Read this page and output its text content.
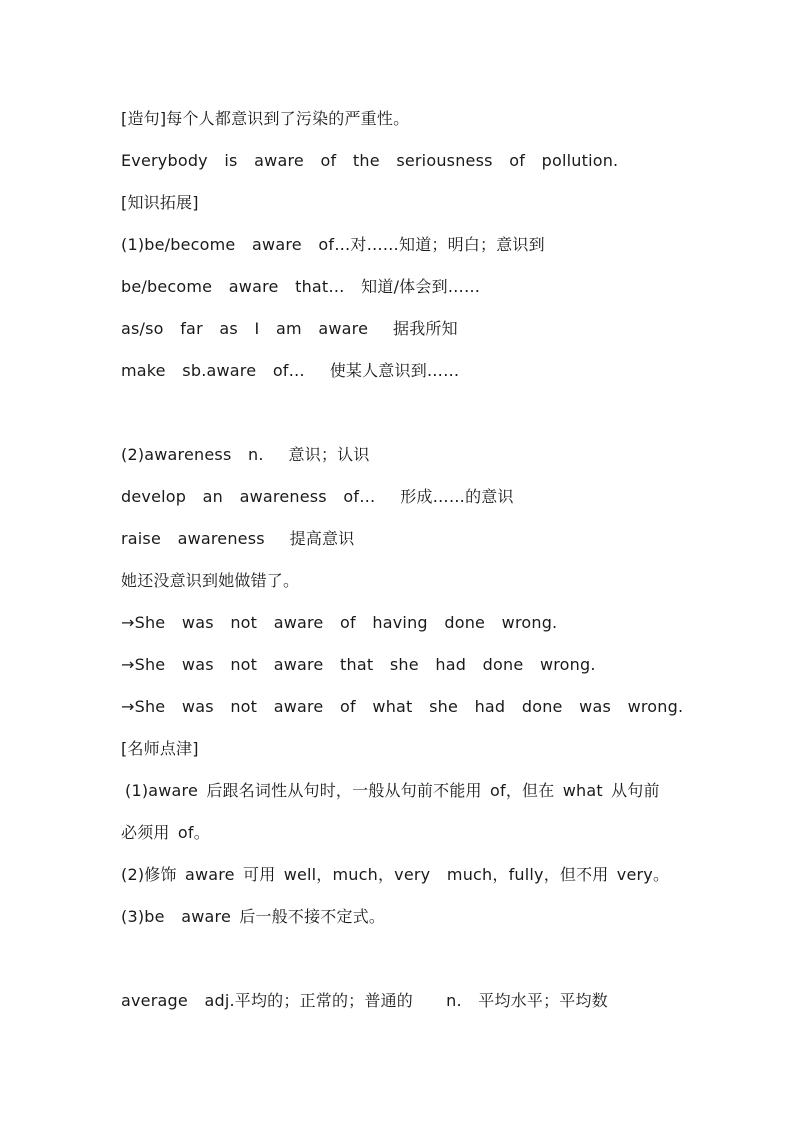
[造句]每个人都意识到了污染的严重性。
Everybody  is  aware  of  the  seriousness  of  pollution.
[知识拓展]
(1)be/become  aware  of…对……知道；明白；意识到
be/become  aware  that…  知道/体会到……
as/so  far  as  I  am  aware   据我所知
make  sb.aware  of…   使某人意识到……
(2)awareness  n.   意识；认识
develop  an  awareness  of…   形成……的意识
raise  awareness   提高意识
她还没意识到她做错了。
→She  was  not  aware  of  having  done  wrong.
→She  was  not  aware  that  she  had  done  wrong.
→She  was  not  aware  of  what  she  had  done  was  wrong.
[名师点津]
(1)aware 后跟名词性从句时，一般从句前不能用 of，但在 what 从句前
必须用 of。
(2)修饰 aware 可用 well，much，very  much，fully，但不用 very。
(3)be  aware 后一般不接不定式。
average  adj.平均的；正常的；普通的    n.  平均水平；平均数
